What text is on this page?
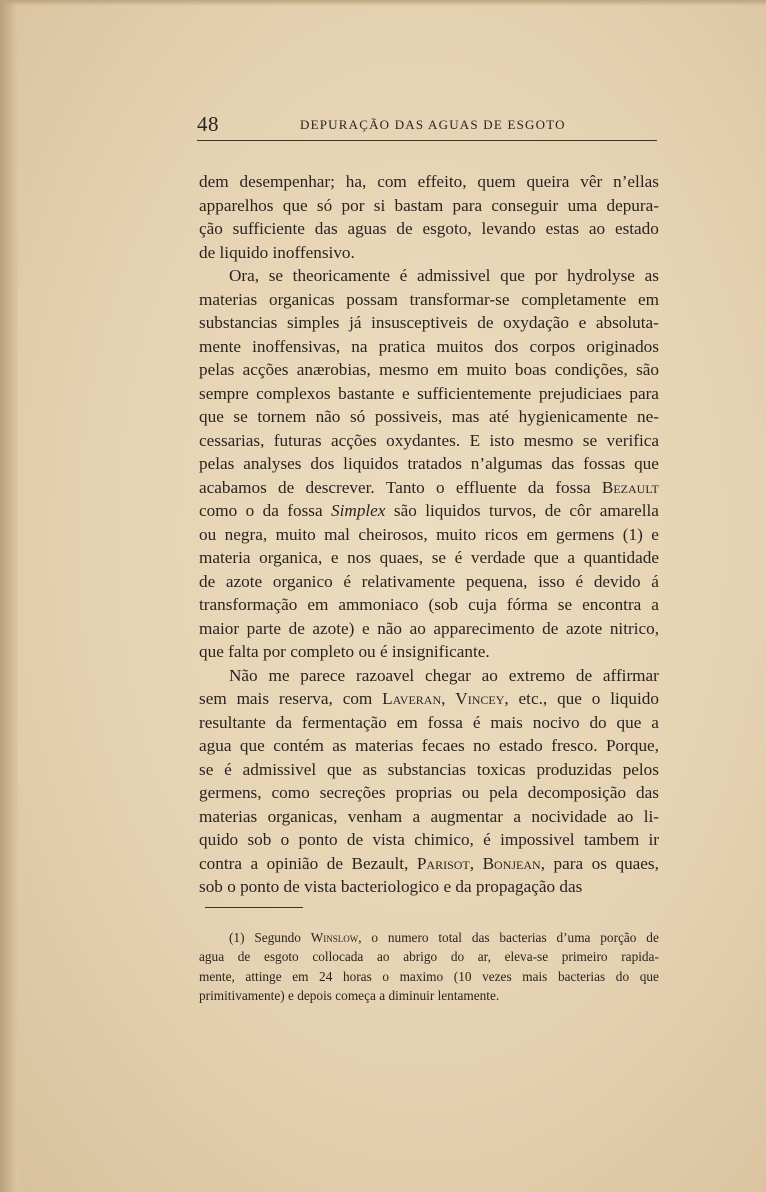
48	DEPURAÇÃO DAS AGUAS DE ESGOTO
dem desempenhar; ha, com effeito, quem queira vêr n’ellas
apparelhos que só por si bastam para conseguir uma depura-
ção sufficiente das aguas de esgoto, levando estas ao estado
de liquido inoffensivo.
Ora, se theoricamente é admissivel que por hydrolyse as
materias organicas possam transformar-se completamente em
substancias simples já insusceptiveis de oxydação e absoluta-
mente inoffensivas, na pratica muitos dos corpos originados
pelas acções anærobias, mesmo em muito boas condições, são
sempre complexos bastante e sufficientemente prejudiciaes para
que se tornem não só possiveis, mas até hygienicamente ne-
cessarias, futuras acções oxydantes. E isto mesmo se verifica
pelas analyses dos liquidos tratados n’algumas das fossas que
acabamos de descrever. Tanto o effluente da fossa Bezault
como o da fossa Simplex são liquidos turvos, de côr amarella
ou negra, muito mal cheirosos, muito ricos em germens (1) e
materia organica, e nos quaes, se é verdade que a quantidade
de azote organico é relativamente pequena, isso é devido á
transformação em ammoniaco (sob cuja fórma se encontra a
maior parte de azote) e não ao apparecimento de azote nitrico,
que falta por completo ou é insignificante.
Não me parece razoavel chegar ao extremo de affirmar
sem mais reserva, com Laveran, Vincey, etc., que o liquido
resultante da fermentação em fossa é mais nocivo do que a
agua que contém as materias fecaes no estado fresco. Porque,
se é admissivel que as substancias toxicas produzidas pelos
germens, como secreções proprias ou pela decomposição das
materias organicas, venham a augmentar a nocividade ao li-
quido sob o ponto de vista chimico, é impossivel tambem ir
contra a opinião de Bezault, Parisot, Bonjean, para os quaes,
sob o ponto de vista bacteriologico e da propagação das
(1) Segundo Winslow, o numero total das bacterias d’uma porção de
agua de esgoto collocada ao abrigo do ar, eleva-se primeiro rapida-
mente, attinge em 24 horas o maximo (10 vezes mais bacterias do que
primitivamente) e depois começa a diminuir lentamente.
